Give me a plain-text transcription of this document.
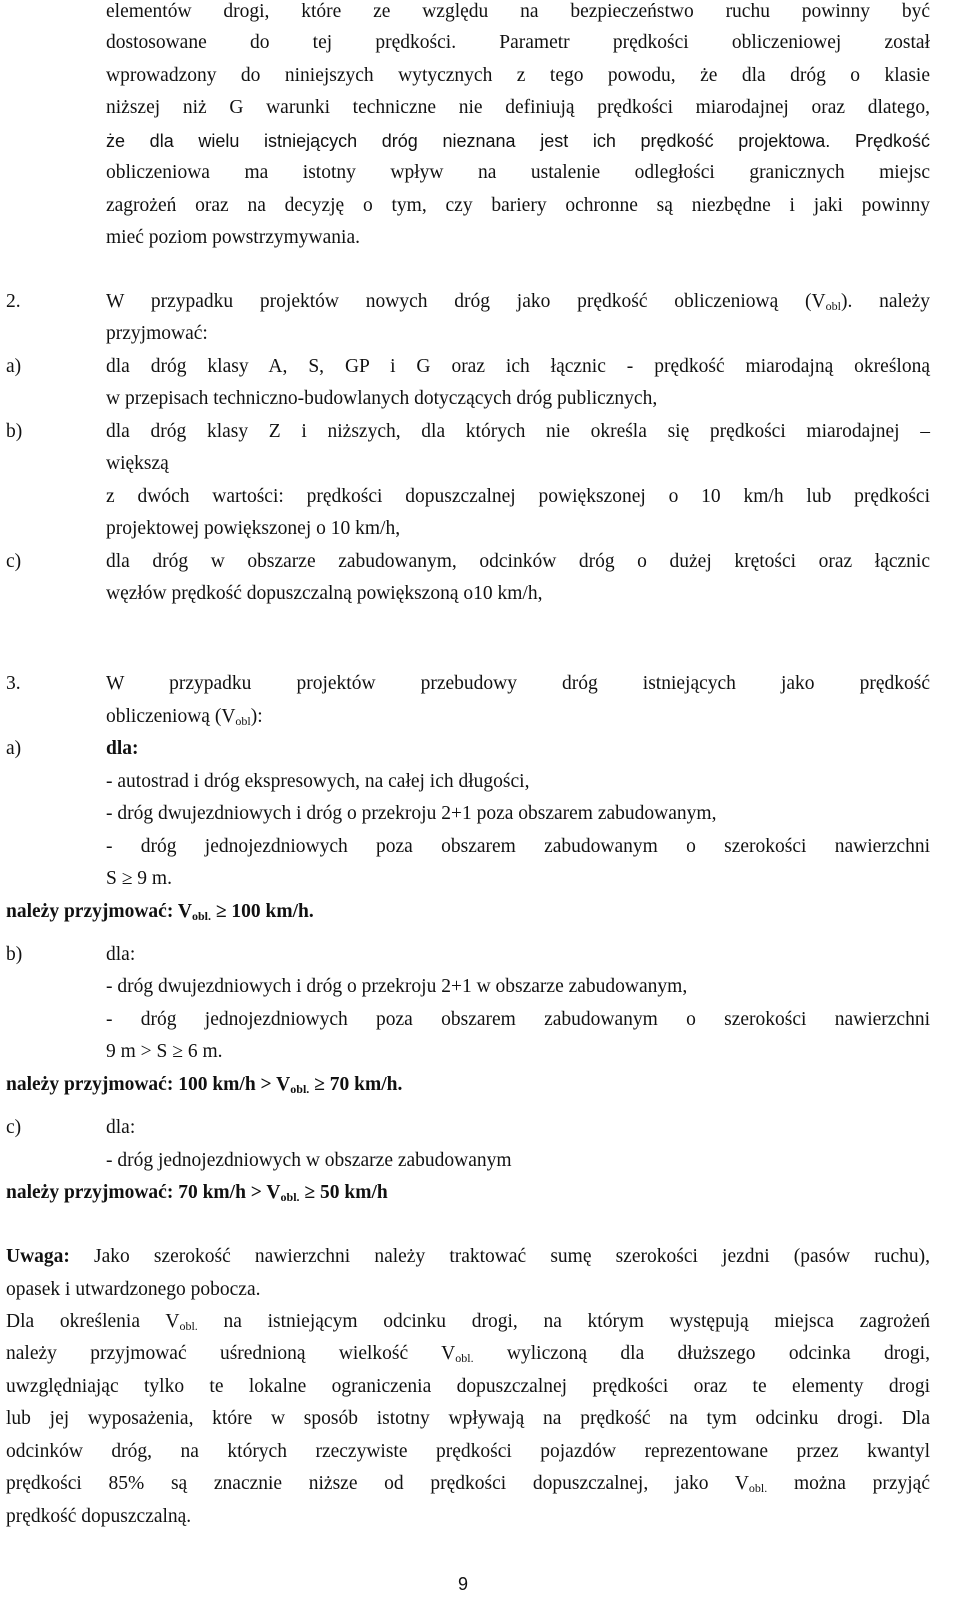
elementów drogi, które ze względu na bezpieczeństwo ruchu powinny być
dostosowane do tej prędkości. Parametr prędkości obliczeniowej został
wprowadzony do niniejszych wytycznych z tego powodu, że dla dróg o klasie
niższej niż G warunki techniczne nie definiują prędkości miarodajnej oraz dlatego,
że dla wielu istniejących dróg nieznana jest ich prędkość projektowa. Prędkość
obliczeniowa ma istotny wpływ na ustalenie odległości granicznych miejsc
zagrożeń oraz na decyzję o tym, czy bariery ochronne są niezbędne i jaki powinny
mieć poziom powstrzymywania.
2.	W przypadku projektów nowych dróg jako prędkość obliczeniową $(V_{obl})$. należy
przyjmować:
a)	dla dróg klasy A, S, GP i G oraz ich łącznic - prędkość miarodajną określoną
w przepisach techniczno-budowlanych dotyczących dróg publicznych,
b)	dla dróg klasy Z i niższych, dla których nie określa się prędkości miarodajnej –
większą
z dwóch wartości: prędkości dopuszczalnej powiększonej o 10 km/h lub prędkości
projektowej powiększonej o 10 km/h,
c)	dla dróg w obszarze zabudowanym, odcinków dróg o dużej krętości oraz łącznic
węzłów prędkość dopuszczalną powiększoną o10 km/h,
3.	W przypadku projektów przebudowy dróg istniejących jako prędkość
obliczeniową $(V_{obl})$:
a)	dla:
- autostrad i dróg ekspresowych, na całej ich długości,
- dróg dwujezdniowych i dróg o przekroju 2+1 poza obszarem zabudowanym,
- dróg jednojezdniowych poza obszarem zabudowanym o szerokości nawierzchni
S ≥ 9 m.
należy przyjmować: $V_{obl.} \ge 100$ km/h.
b)	dla:
- dróg dwujezdniowych i dróg o przekroju 2+1 w obszarze zabudowanym,
- dróg jednojezdniowych poza obszarem zabudowanym o szerokości nawierzchni
9 m > S ≥ 6 m.
należy przyjmować: 100 $km/h > V_{obl.} \ge 70$ km/h.
c)	dla:
- dróg jednojezdniowych w obszarze zabudowanym
należy przyjmować: 70 $km/h > V_{obl.} \ge 50$ km/h
Uwaga: Jako szerokość nawierzchni należy traktować sumę szerokości jezdni (pasów ruchu),
opasek i utwardzonego pobocza.
Dla określenia $V_{obl.}$ na istniejącym odcinku drogi, na którym występują miejsca zagrożeń
należy przyjmować uśrednioną wielkość $V_{obl.}$ wyliczoną dla dłuższego odcinka drogi,
uwzględniając tylko te lokalne ograniczenia dopuszczalnej prędkości oraz te elementy drogi
lub jej wyposażenia, które w sposób istotny wpływają na prędkość na tym odcinku drogi. Dla
odcinków dróg, na których rzeczywiste prędkości pojazdów reprezentowane przez kwantyl
prędkości 85% są znacznie niższe od prędkości dopuszczalnej, jako $V_{obl.}$ można przyjąć
prędkość dopuszczalną.
9
